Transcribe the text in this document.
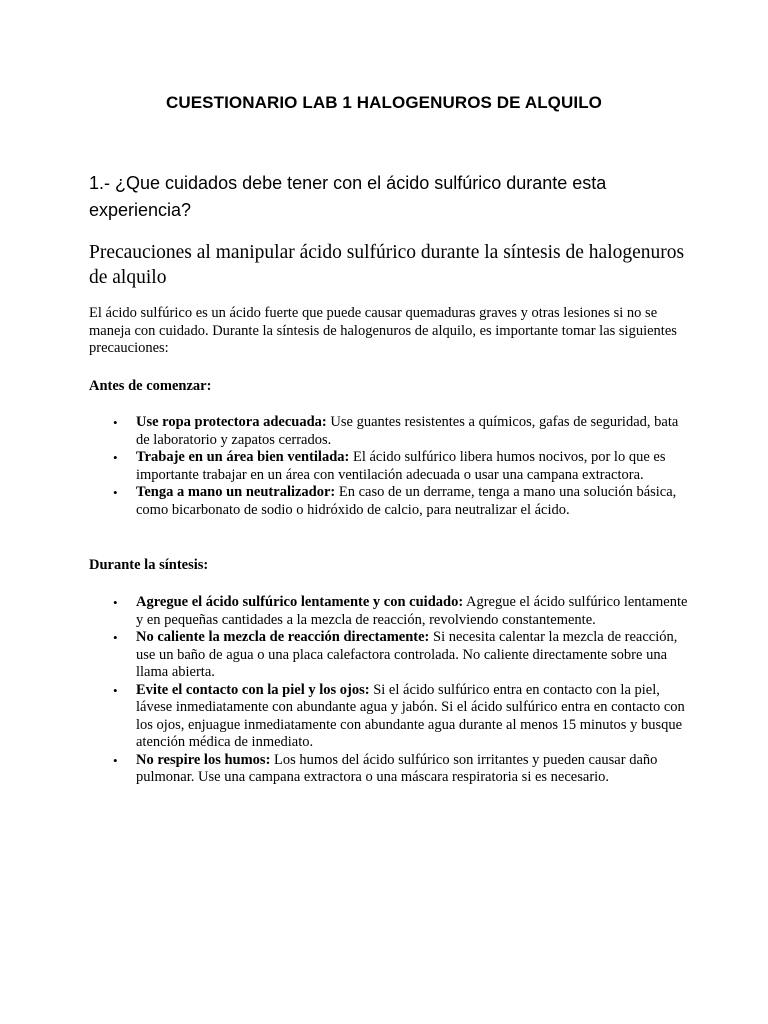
CUESTIONARIO LAB 1 HALOGENUROS DE ALQUILO
1.- ¿Que cuidados debe tener con el ácido sulfúrico durante esta experiencia?
Precauciones al manipular ácido sulfúrico durante la síntesis de halogenuros de alquilo
El ácido sulfúrico es un ácido fuerte que puede causar quemaduras graves y otras lesiones si no se maneja con cuidado. Durante la síntesis de halogenuros de alquilo, es importante tomar las siguientes precauciones:
Antes de comenzar:
• Use ropa protectora adecuada: Use guantes resistentes a químicos, gafas de seguridad, bata de laboratorio y zapatos cerrados.
• Trabaje en un área bien ventilada: El ácido sulfúrico libera humos nocivos, por lo que es importante trabajar en un área con ventilación adecuada o usar una campana extractora.
• Tenga a mano un neutralizador: En caso de un derrame, tenga a mano una solución básica, como bicarbonato de sodio o hidróxido de calcio, para neutralizar el ácido.
Durante la síntesis:
• Agregue el ácido sulfúrico lentamente y con cuidado: Agregue el ácido sulfúrico lentamente y en pequeñas cantidades a la mezcla de reacción, revolviendo constantemente.
• No caliente la mezcla de reacción directamente: Si necesita calentar la mezcla de reacción, use un baño de agua o una placa calefactora controlada. No caliente directamente sobre una llama abierta.
• Evite el contacto con la piel y los ojos: Si el ácido sulfúrico entra en contacto con la piel, lávese inmediatamente con abundante agua y jabón. Si el ácido sulfúrico entra en contacto con los ojos, enjuague inmediatamente con abundante agua durante al menos 15 minutos y busque atención médica de inmediato.
• No respire los humos: Los humos del ácido sulfúrico son irritantes y pueden causar daño pulmonar. Use una campana extractora o una máscara respiratoria si es necesario.
